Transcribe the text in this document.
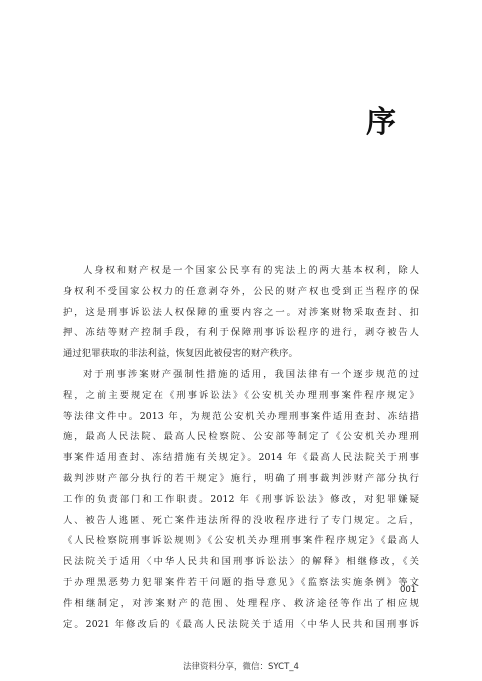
序
人身权和财产权是一个国家公民享有的宪法上的两大基本权利，除人
身权利不受国家公权力的任意剥夺外，公民的财产权也受到正当程序的保
护，这是刑事诉讼法人权保障的重要内容之一。对涉案财物采取查封、扣
押、冻结等财产控制手段，有利于保障刑事诉讼程序的进行，剥夺被告人
通过犯罪获取的非法利益，恢复因此被侵害的财产秩序。
对于刑事涉案财产强制性措施的适用，我国法律有一个逐步规范的过
程，之前主要规定在《刑事诉讼法》《公安机关办理刑事案件程序规定》
等法律文件中。2013 年，为规范公安机关办理刑事案件适用查封、冻结措
施，最高人民法院、最高人民检察院、公安部等制定了《公安机关办理刑
事案件适用查封、冻结措施有关规定》。2014 年《最高人民法院关于刑事
裁判涉财产部分执行的若干规定》施行，明确了刑事裁判涉财产部分执行
工作的负责部门和工作职责。2012 年《刑事诉讼法》修改，对犯罪嫌疑
人、被告人逃匿、死亡案件违法所得的没收程序进行了专门规定。之后，
《人民检察院刑事诉讼规则》《公安机关办理刑事案件程序规定》《最高人
民法院关于适用〈中华人民共和国刑事诉讼法〉的解释》相继修改，《关
于办理黑恶势力犯罪案件若干问题的指导意见》《监察法实施条例》等文
件相继制定，对涉案财产的范围、处理程序、救济途径等作出了相应规
定。2021 年修改后的《最高人民法院关于适用〈中华人民共和国刑事诉
001
法律资料分享，微信：SYCT_4
